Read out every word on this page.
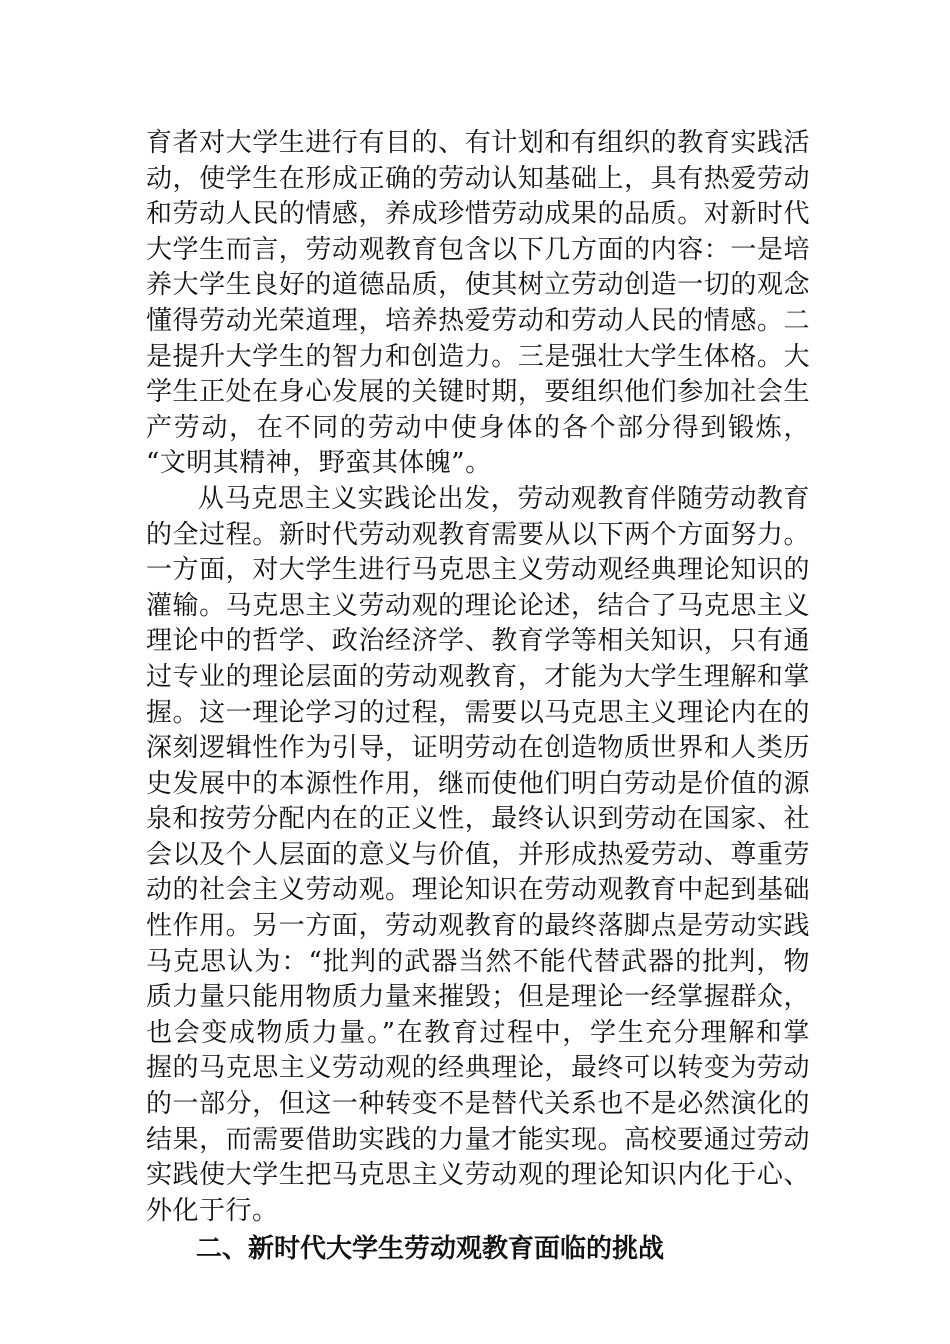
育者对大学生进行有目的、有计划和有组织的教育实践活
动，使学生在形成正确的劳动认知基础上，具有热爱劳动
和劳动人民的情感，养成珍惜劳动成果的品质。对新时代
大学生而言，劳动观教育包含以下几方面的内容：一是培
养大学生良好的道德品质，使其树立劳动创造一切的观念
懂得劳动光荣道理，培养热爱劳动和劳动人民的情感。二
是提升大学生的智力和创造力。三是强壮大学生体格。大
学生正处在身心发展的关键时期，要组织他们参加社会生
产劳动，在不同的劳动中使身体的各个部分得到锻炼，
“文明其精神，野蛮其体魄”。
从马克思主义实践论出发，劳动观教育伴随劳动教育
的全过程。新时代劳动观教育需要从以下两个方面努力。
一方面，对大学生进行马克思主义劳动观经典理论知识的
灌输。马克思主义劳动观的理论论述，结合了马克思主义
理论中的哲学、政治经济学、教育学等相关知识，只有通
过专业的理论层面的劳动观教育，才能为大学生理解和掌
握。这一理论学习的过程，需要以马克思主义理论内在的
深刻逻辑性作为引导，证明劳动在创造物质世界和人类历
史发展中的本源性作用，继而使他们明白劳动是价值的源
泉和按劳分配内在的正义性，最终认识到劳动在国家、社
会以及个人层面的意义与价值，并形成热爱劳动、尊重劳
动的社会主义劳动观。理论知识在劳动观教育中起到基础
性作用。另一方面，劳动观教育的最终落脚点是劳动实践
马克思认为：“批判的武器当然不能代替武器的批判，物
质力量只能用物质力量来摧毁；但是理论一经掌握群众，
也会变成物质力量。”在教育过程中，学生充分理解和掌
握的马克思主义劳动观的经典理论，最终可以转变为劳动
的一部分，但这一种转变不是替代关系也不是必然演化的
结果，而需要借助实践的力量才能实现。高校要通过劳动
实践使大学生把马克思主义劳动观的理论知识内化于心、
外化于行。
二、新时代大学生劳动观教育面临的挑战
